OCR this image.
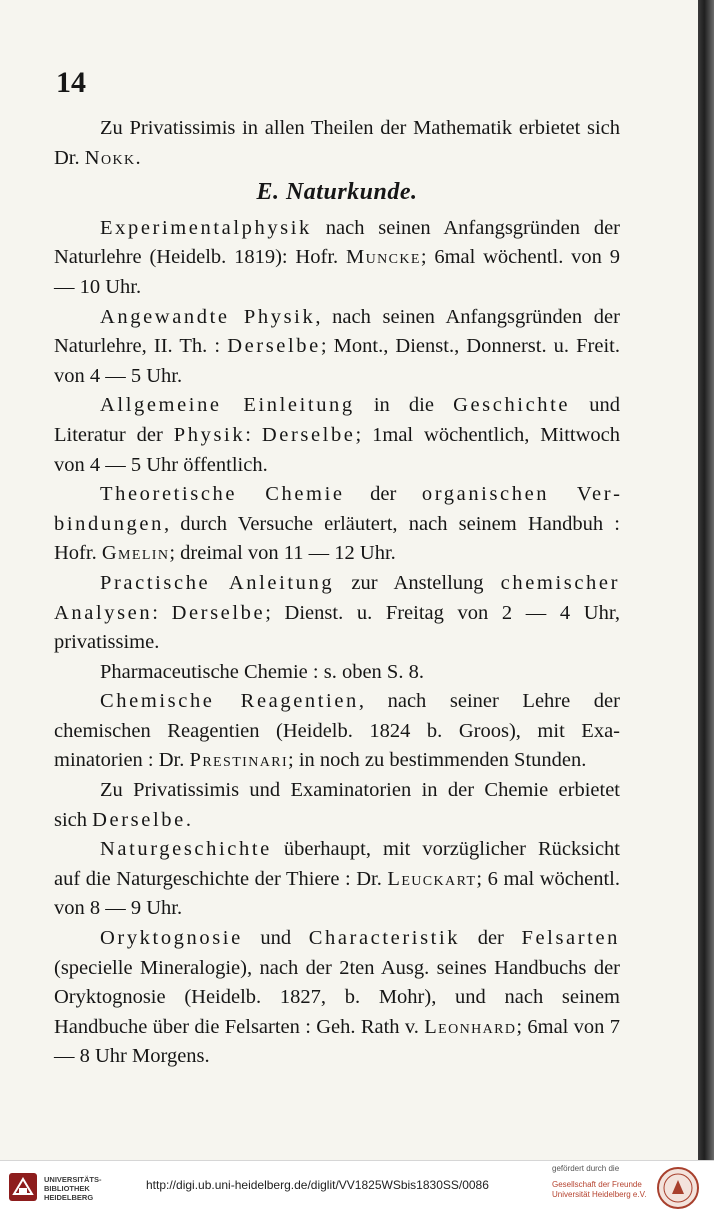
14

Zu Privatissimis in allen Theilen der Mathematik erbietet sich Dr. Nokk.

E. Naturkunde.

Experimentalphysik nach seinen Anfangsgründen der Naturlehre (Heidelb. 1819): Hofr. Muncke; 6mal wöchentl. von 9 — 10 Uhr.

Angewandte Physik, nach seinen Anfangsgründen der Naturlehre, II. Th. : Derselbe; Mont., Dienst., Donnerst. u. Freit. von 4 — 5 Uhr.

Allgemeine Einleitung in die Geschichte und Literatur der Physik: Derselbe; 1mal wöchentlich, Mittwoch von 4 — 5 Uhr öffentlich.

Theoretische Chemie der organischen Verbindungen, durch Versuche erläutert, nach seinem Handbuh : Hofr. Gmelin; dreimal von 11 — 12 Uhr.

Practische Anleitung zur Anstellung chemischer Analysen: Derselbe; Dienst. u. Freitag von 2 — 4 Uhr, privatissime.

Pharmaceutische Chemie : s. oben S. 8.

Chemische Reagentien, nach seiner Lehre der chemischen Reagentien (Heidelb. 1824 b. Groos), mit Examinatorien : Dr. Prestinari; in noch zu bestimmenden Stunden.

Zu Privatissimis und Examinatorien in der Chemie erbietet sich Derselbe.

Naturgeschichte überhaupt, mit vorzüglicher Rücksicht auf die Naturgeschichte der Thiere : Dr. Leuckart; 6 mal wöchentl. von 8 — 9 Uhr.

Oryktognosie und Characteristik der Felsarten (specielle Mineralogie), nach der 2ten Ausg. seines Handbuchs der Oryktognosie (Heidelb. 1827, b. Mohr), und nach seinem Handbuche über die Felsarten : Geh. Rath v. Leonhard; 6mal von 7 — 8 Uhr Morgens.

UNIVERSITÄTS-
BIBLIOTHEK
HEIDELBERG
http://digi.ub.uni-heidelberg.de/diglit/VV1825WSbis1830SS/0086
gefördert durch die
Gesellschaft der Freunde
Universität Heidelberg e.V.
